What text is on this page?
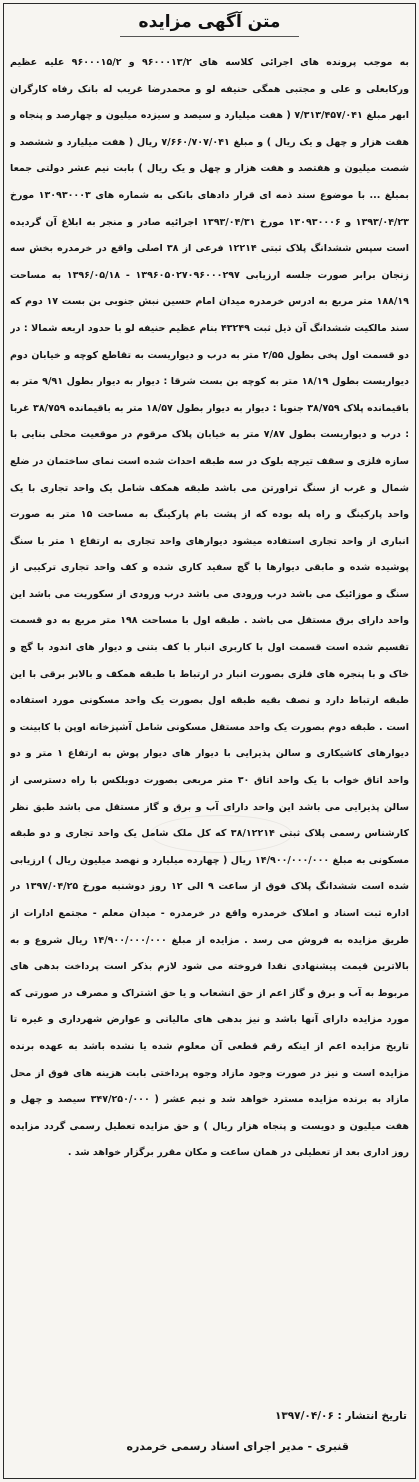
متن آگهی مزایده
به موجب پرونده های اجرائی کلاسه های ۹۶۰۰۰۱۳/۲ و ۹۶۰۰۰۱۵/۲ علیه عظیم ورکابعلی و علی و مجتبی همگی حنیفه لو و محمدرضا غریب له بانک رفاه کارگران ابهر مبلغ ۷/۳۱۳/۴۵۷/۰۴۱ ( هفت میلیارد و سیصد و سیزده میلیون و چهارصد و پنجاه و هفت هزار و چهل و یک ریال ) و مبلغ ۷/۶۶۰/۷۰۷/۰۴۱ ریال ( هفت میلیارد و ششصد و شصت میلیون و هفتصد و هفت هزار و چهل و یک ریال ) بابت نیم عشر دولتی جمعا بمبلغ ... با موضوع سند ذمه ای قرار دادهای بانکی به شماره های ۱۳۰۹۳۰۰۰۳ مورخ ۱۳۹۳/۰۴/۲۳ و ۱۳۰۹۳۰۰۰۶ مورخ ۱۳۹۳/۰۴/۳۱ اجرائیه صادر و منجر به ابلاغ آن گردیده است سپس ششدانگ پلاک ثبتی ۱۲۲۱۴ فرعی از ۳۸ اصلی واقع در خرمدره بخش سه زنجان برابر صورت جلسه ارزیابی ۱۳۹۶۰۵۰۲۷۰۹۶۰۰۰۲۹۷ - ۱۳۹۶/۰۵/۱۸ به مساحت ۱۸۸/۱۹ متر مربع به ادرس خرمدره میدان امام حسین نبش جنوبی بن بست ۱۷ دوم که سند مالکیت ششدانگ آن ذیل ثبت ۴۳۲۴۹ بنام عظیم حنیفه لو با حدود اربعه شمالا : در دو قسمت اول پخی بطول ۲/۵۵ متر به درب و دیواریست به تقاطع کوچه و خیابان دوم دیواریست بطول ۱۸/۱۹ متر به کوچه بن بست شرقا : دیوار به دیوار بطول ۹/۹۱ متر به باقیمانده پلاک ۳۸/۷۵۹ جنوبا : دیوار به دیوار بطول ۱۸/۵۷ متر به باقیمانده ۳۸/۷۵۹ غربا : درب و دیواریست بطول ۷/۸۷ متر به خیابان پلاک مرقوم در موقعیت محلی بنایی با سازه فلزی و سقف تیرچه بلوک در سه طبقه احداث شده است نمای ساختمان در ضلع شمال و غرب از سنگ تراورتن می باشد طبقه همکف شامل یک واحد تجاری با یک واحد پارکینگ و راه پله بوده که از پشت بام پارکینگ به مساحت ۱۵ متر به صورت انباری از واحد تجاری استفاده میشود دیوارهای واحد تجاری به ارتفاع ۱ متر با سنگ پوشیده شده و مابقی دیوارها با گچ سفید کاری شده و کف واحد تجاری ترکیبی از سنگ و موزائیک می باشد درب ورودی می باشد درب ورودی از سکوریت می باشد این واحد دارای برق مستقل می باشد . طبقه اول با مساحت ۱۹۸ متر مربع به دو قسمت تقسیم شده است قسمت اول با کاربری انبار با کف بتنی و دیوار های اندود با گچ و خاک و با پنجره های فلزی بصورت انبار در ارتباط با طبقه همکف و بالابر برقی با این طبقه ارتباط دارد و نصف بقیه طبقه اول بصورت یک واحد مسکونی مورد استفاده است . طبقه دوم بصورت یک واحد مستقل مسکونی شامل آشپزخانه اوپن با کابینت و دیوارهای کاشیکاری و سالن پذیرایی با دیوار های دیوار پوش به ارتفاع ۱ متر و دو واحد اتاق خواب با یک واحد اتاق ۳۰ متر مربعی بصورت دوبلکس با راه دسترسی از سالن پذیرایی می باشد این واحد دارای آب و برق و گاز مستقل می باشد طبق نظر کارشناس رسمی پلاک ثبتی ۳۸/۱۲۲۱۴ که کل ملک شامل یک واحد تجاری و دو طبقه مسکونی به مبلغ ۱۴/۹۰۰/۰۰۰/۰۰۰ ریال ( چهارده میلیارد و نهصد میلیون ریال ) ارزیابی شده است ششدانگ پلاک فوق از ساعت ۹ الی ۱۲ روز دوشنبه مورخ ۱۳۹۷/۰۴/۲۵ در اداره ثبت اسناد و املاک خرمدره واقع در خرمدره - میدان معلم - مجتمع ادارات از طریق مزایده به فروش می رسد . مزایده از مبلغ ۱۴/۹۰۰/۰۰۰/۰۰۰ ریال شروع و به بالاترین قیمت پیشنهادی نقدا فروخته می شود لازم بذکر است پرداخت بدهی های مربوط به آب و برق و گاز اعم از حق انشعاب و یا حق اشتراک و مصرف در صورتی که مورد مزایده دارای آنها باشد و نیز بدهی های مالیاتی و عوارض شهرداری و غیره تا تاریخ مزایده اعم از اینکه رقم قطعی آن معلوم شده یا نشده باشد به عهده برنده مزایده است و نیز در صورت وجود مازاد وجوه پرداختی بابت هزینه های فوق از محل مازاد به برنده مزایده مسترد خواهد شد و نیم عشر ( ۳۴۷/۲۵۰/۰۰۰ سیصد و چهل و هفت میلیون و دویست و پنجاه هزار ریال ) و حق مزایده تعطیل رسمی گردد مزایده روز اداری بعد از تعطیلی در همان ساعت و مکان مقرر برگزار خواهد شد .
تاریخ انتشار : ۱۳۹۷/۰۴/۰۶
قنبری - مدیر اجرای اسناد رسمی خرمدره
